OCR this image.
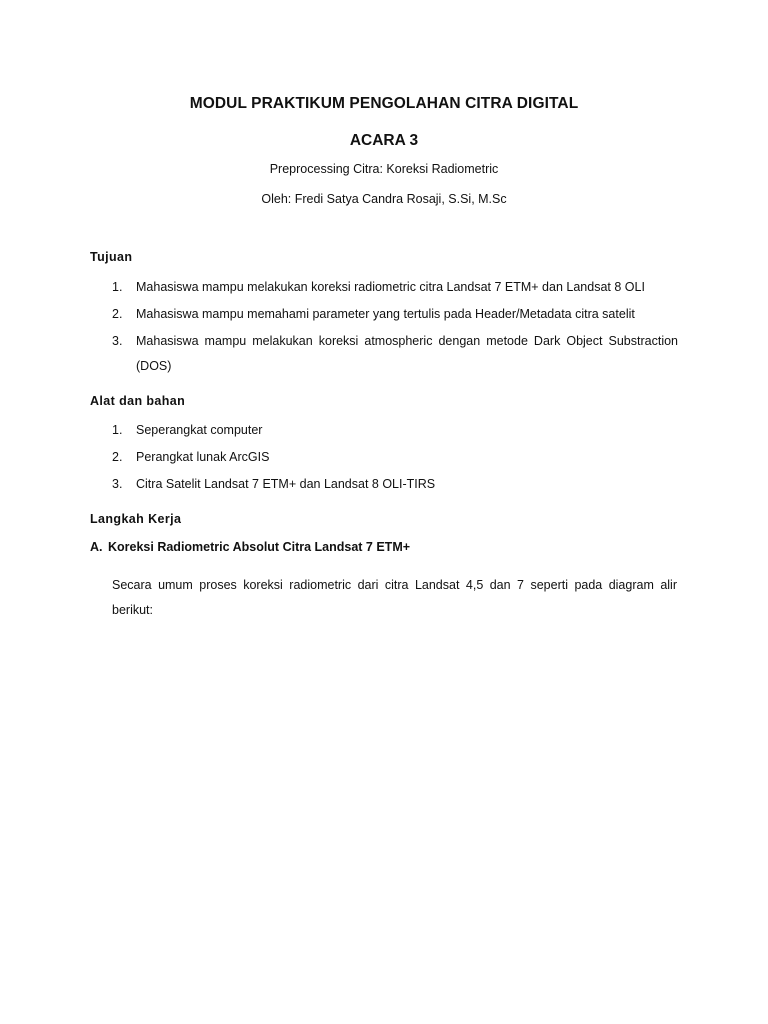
MODUL PRAKTIKUM PENGOLAHAN CITRA DIGITAL
ACARA 3
Preprocessing Citra: Koreksi Radiometric
Oleh: Fredi Satya Candra Rosaji, S.Si, M.Sc
Tujuan
1. Mahasiswa mampu melakukan koreksi radiometric citra Landsat 7 ETM+ dan Landsat 8 OLI
2. Mahasiswa mampu memahami parameter yang tertulis pada Header/Metadata citra satelit
3. Mahasiswa mampu melakukan koreksi atmospheric dengan metode Dark Object Substraction (DOS)
Alat dan bahan
1. Seperangkat computer
2. Perangkat lunak ArcGIS
3. Citra Satelit Landsat 7 ETM+ dan Landsat 8 OLI-TIRS
Langkah Kerja
A. Koreksi Radiometric Absolut Citra Landsat 7 ETM+
Secara umum proses koreksi radiometric dari citra Landsat 4,5 dan 7 seperti pada diagram alir berikut:
